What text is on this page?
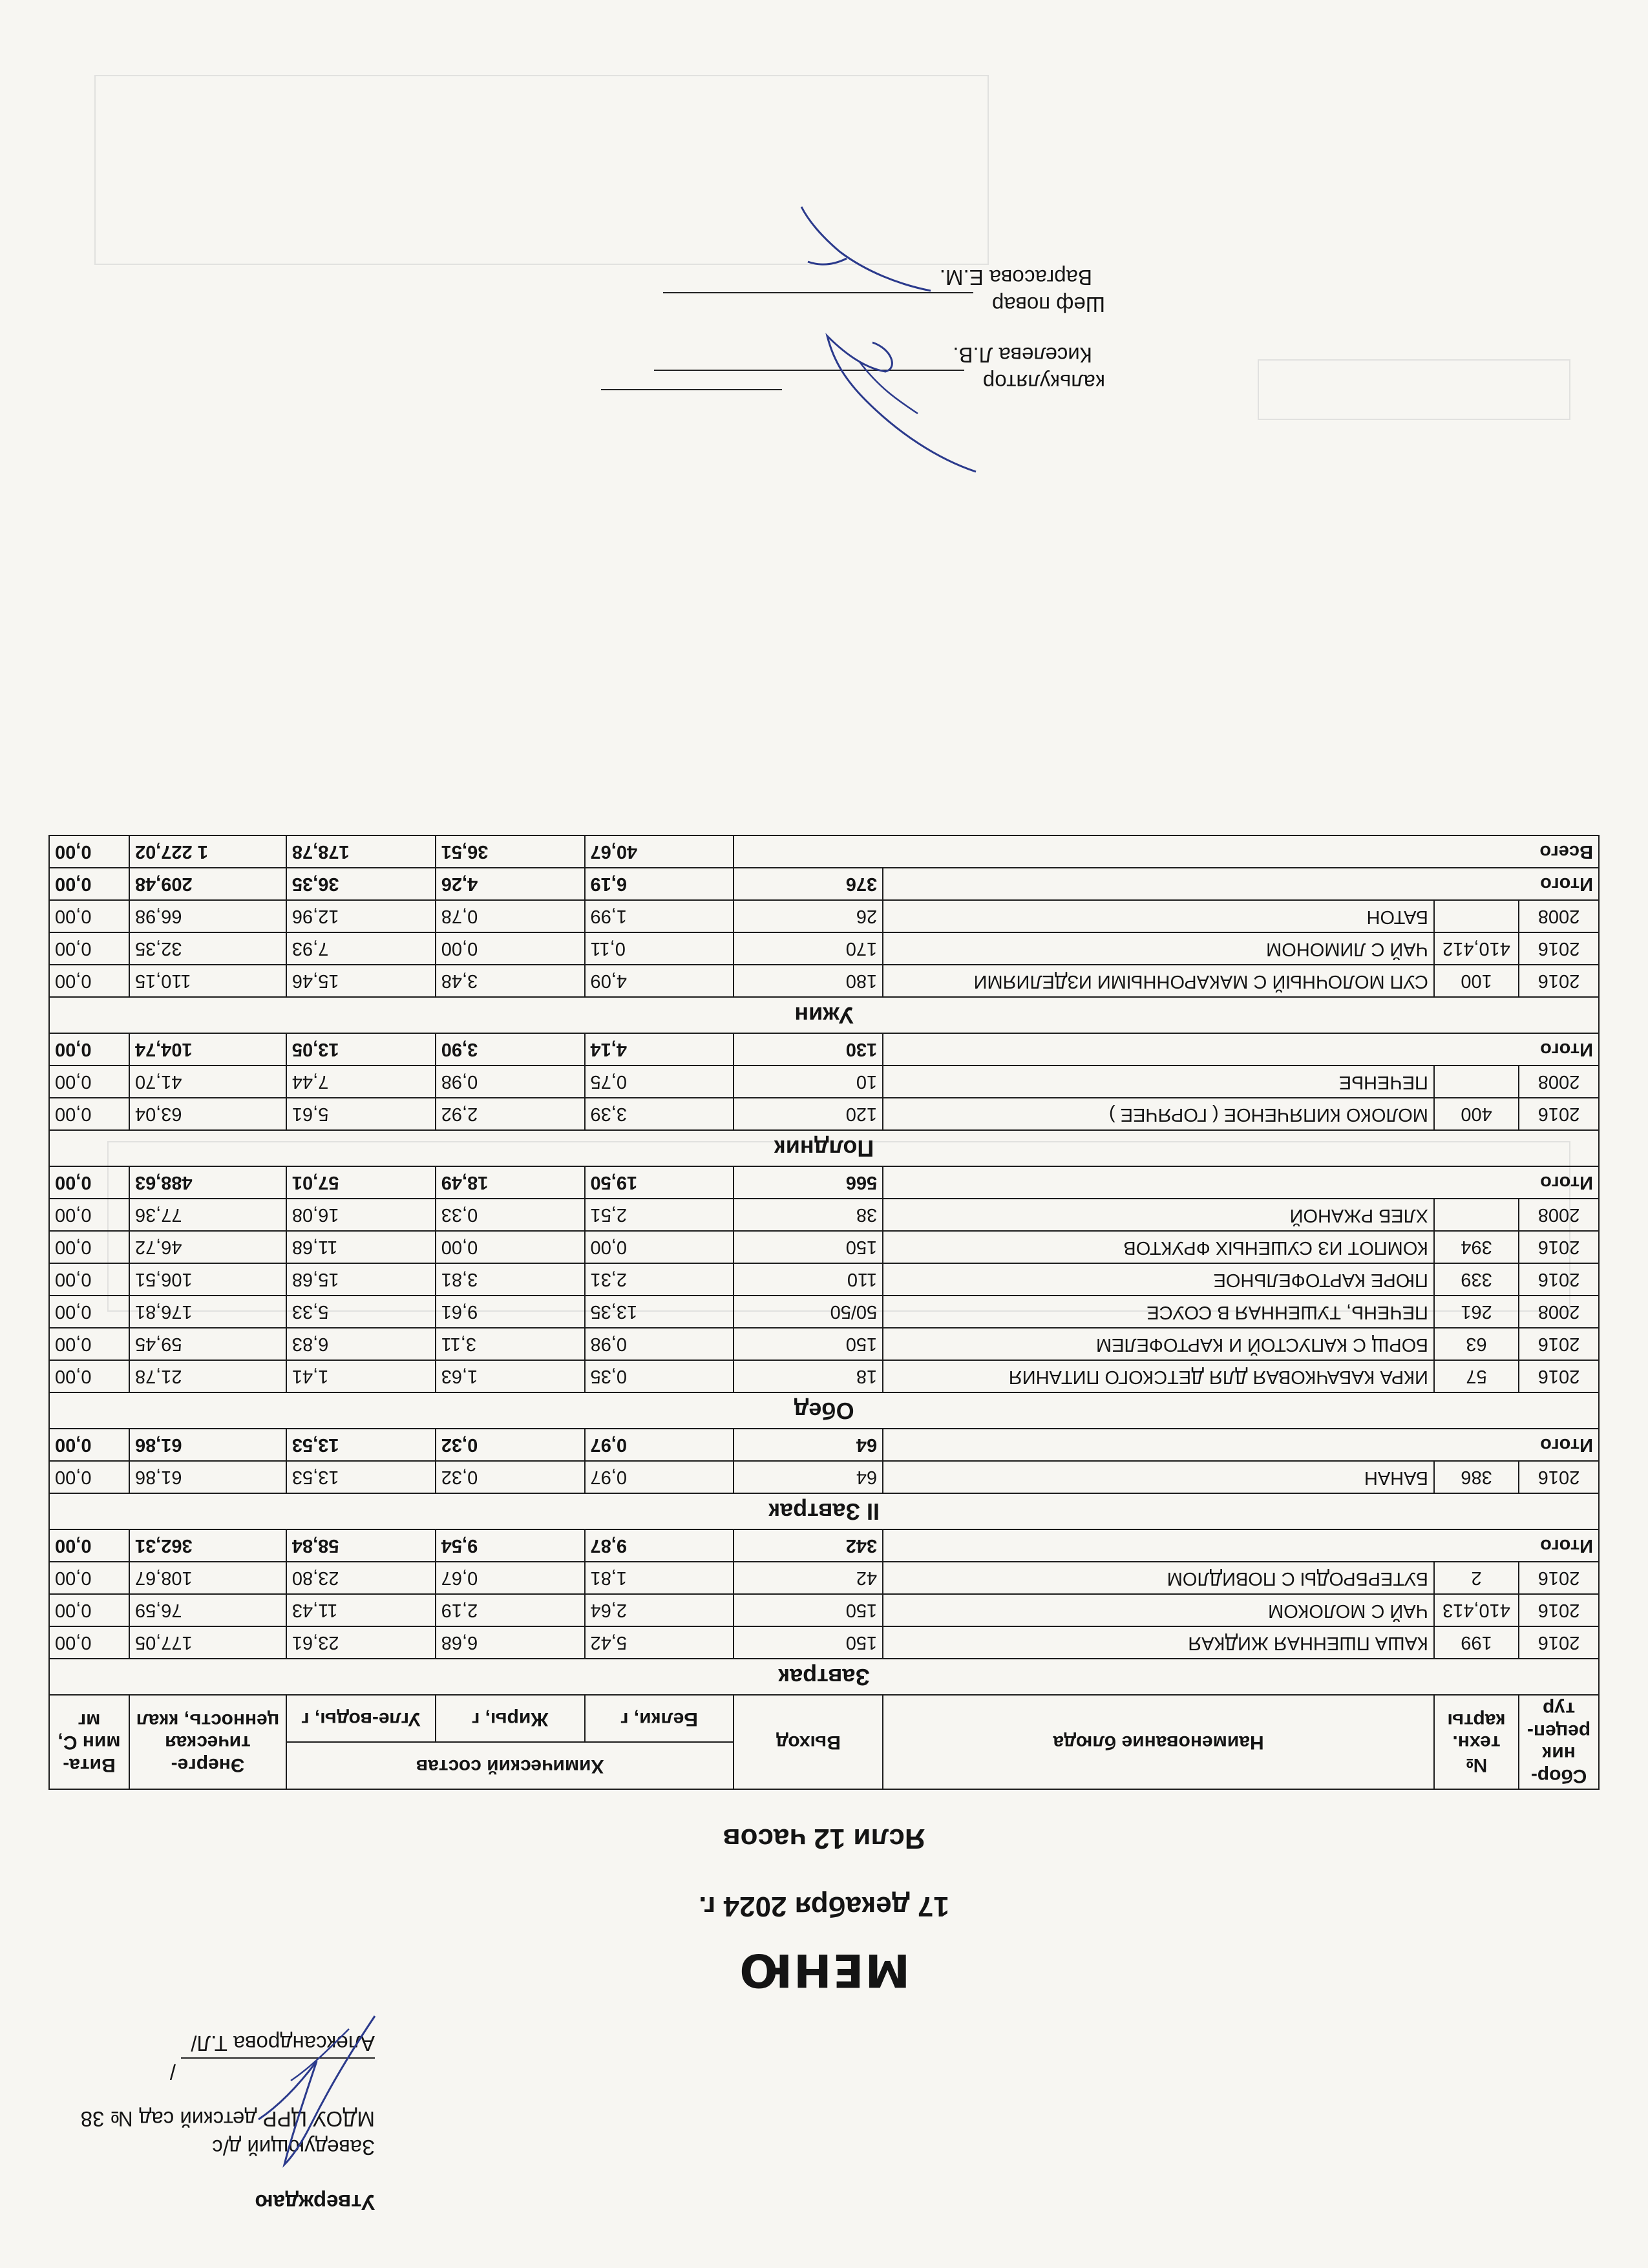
Утверждаю
Заведующий д/с
МДОУ ЦРР детский сад № 38
/Александрова Т.Л/
МЕНЮ
17 декабря 2024 г.
Ясли 12 часов
Сбор-ник рецеп-тур	№ техн. карты	Наименование блюда	Выход	Химический состав			Энерге-тическая ценность, ккал	Вита-мин С, мг
				Белки, г	Жиры, г	Угле-воды, г		
Завтрак								
2016	199	КАША ПШЕННАЯ ЖИДКАЯ	150	5,42	6,68	23,61	177,05	0,00
2016	410,413	ЧАЙ С МОЛОКОМ	150	2,64	2,19	11,43	76,59	0,00
2016	2	БУТЕРБРОДЫ С ПОВИДЛОМ	42	1,81	0,67	23,80	108,67	0,00
Итого			342	9,87	9,54	58,84	362,31	0,00
II Завтрак								
2016	386	БАНАН	64	0,97	0,32	13,53	61,86	0,00
Итого			64	0,97	0,32	13,53	61,86	0,00
Обед								
2016	57	ИКРА КАБАЧКОВАЯ ДЛЯ ДЕТСКОГО ПИТАНИЯ	18	0,35	1,63	1,41	21,78	0,00
2016	63	БОРЩ С КАПУСТОЙ И КАРТОФЕЛЕМ	150	0,98	3,11	6,83	59,45	0,00
2008	261	ПЕЧЕНЬ, ТУШЕННАЯ В СОУСЕ	50/50	13,35	9,61	5,33	176,81	0,00
2016	339	ПЮРЕ КАРТОФЕЛЬНОЕ	110	2,31	3,81	15,68	106,51	0,00
2016	394	КОМПОТ ИЗ СУШЕНЫХ ФРУКТОВ	150	0,00	0,00	11,68	46,72	0,00
2008		ХЛЕБ РЖАНОЙ	38	2,51	0,33	16,08	77,36	0,00
Итого			566	19,50	18,49	57,01	488,63	0,00
Полдник								
2016	400	МОЛОКО КИПЯЧЕНОЕ ( ГОРЯЧЕЕ )	120	3,39	2,92	5,61	63,04	0,00
2008		ПЕЧЕНЬЕ	10	0,75	0,98	7,44	41,70	0,00
Итого			130	4,14	3,90	13,05	104,74	0,00
Ужин								
2016	100	СУП МОЛОЧНЫЙ С МАКАРОННЫМИ ИЗДЕЛИЯМИ	180	4,09	3,48	15,46	110,15	0,00
2016	410,412	ЧАЙ С ЛИМОНОМ	170	0,11	0,00	7,93	32,35	0,00
2008		БАТОН	26	1,99	0,78	12,96	66,98	0,00
Итого			376	6,19	4,26	36,35	209,48	0,00
Всего				40,67	36,51	178,78	1 227,02	0,00
калькулятор
Киселева Л.В.
Шеф повар
Варгасова Е.М.
